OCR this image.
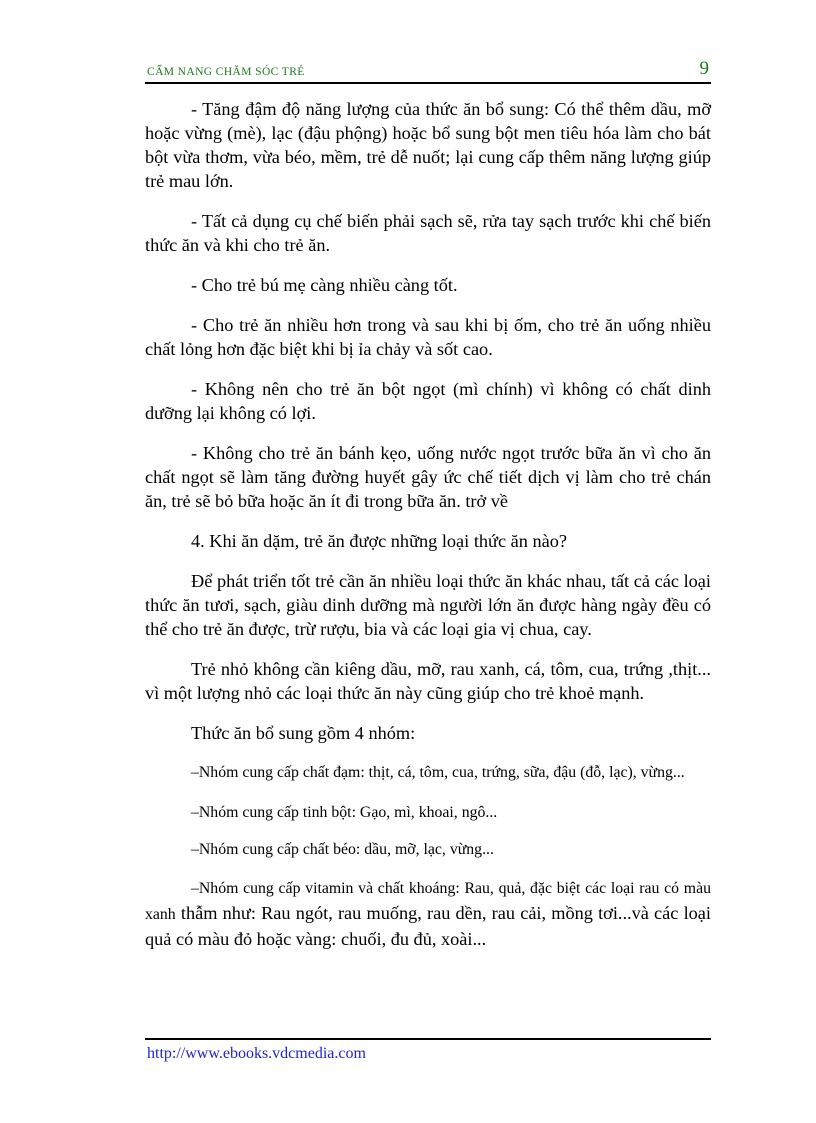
CẨM NANG CHĂM SÓC TRẺ	9

- Tăng đậm độ năng lượng của thức ăn bổ sung: Có thể thêm dầu, mỡ hoặc vừng (mè), lạc (đậu phộng) hoặc bổ sung bột men tiêu hóa làm cho bát bột vừa thơm, vừa béo, mềm, trẻ dễ nuốt; lại cung cấp thêm năng lượng giúp trẻ mau lớn.

- Tất cả dụng cụ chế biến phải sạch sẽ, rửa tay sạch trước khi chế biến thức ăn và khi cho trẻ ăn.

- Cho trẻ bú mẹ càng nhiều càng tốt.

- Cho trẻ ăn nhiều hơn trong và sau khi bị ốm, cho trẻ ăn uống nhiều chất lỏng hơn đặc biệt khi bị ỉa chảy và sốt cao.

- Không nên cho trẻ ăn bột ngọt (mì chính) vì không có chất dinh dưỡng lại không có lợi.

- Không cho trẻ ăn bánh kẹo, uống nước ngọt trước bữa ăn vì cho ăn chất ngọt sẽ làm tăng đường huyết gây ức chế tiết dịch vị làm cho trẻ chán ăn, trẻ sẽ bỏ bữa hoặc ăn ít đi trong bữa ăn. trở về

4. Khi ăn dặm, trẻ ăn được những loại thức ăn nào?

Để phát triển tốt trẻ cần ăn nhiều loại thức ăn khác nhau, tất cả các loại thức ăn tươi, sạch, giàu dinh dưỡng mà người lớn ăn được hàng ngày đều có thể cho trẻ ăn được, trừ rượu, bia và các loại gia vị chua, cay.

Trẻ nhỏ không cần kiêng dầu, mỡ, rau xanh, cá, tôm, cua, trứng ,thịt... vì một lượng nhỏ các loại thức ăn này cũng giúp cho trẻ khoẻ mạnh.

Thức ăn bổ sung gồm 4 nhóm:

–Nhóm cung cấp chất đạm: thịt, cá, tôm, cua, trứng, sữa, đậu (đỗ, lạc), vừng...

–Nhóm cung cấp tinh bột: Gạo, mì, khoai, ngô...

–Nhóm cung cấp chất béo: dầu, mỡ, lạc, vừng...

–Nhóm cung cấp vitamin và chất khoáng: Rau, quả, đặc biệt các loại rau có màu xanh thẫm như: Rau ngót, rau muống, rau dền, rau cải, mồng tơi...và các loại quả có màu đỏ hoặc vàng: chuối, đu đủ, xoài...

http://www.ebooks.vdcmedia.com
